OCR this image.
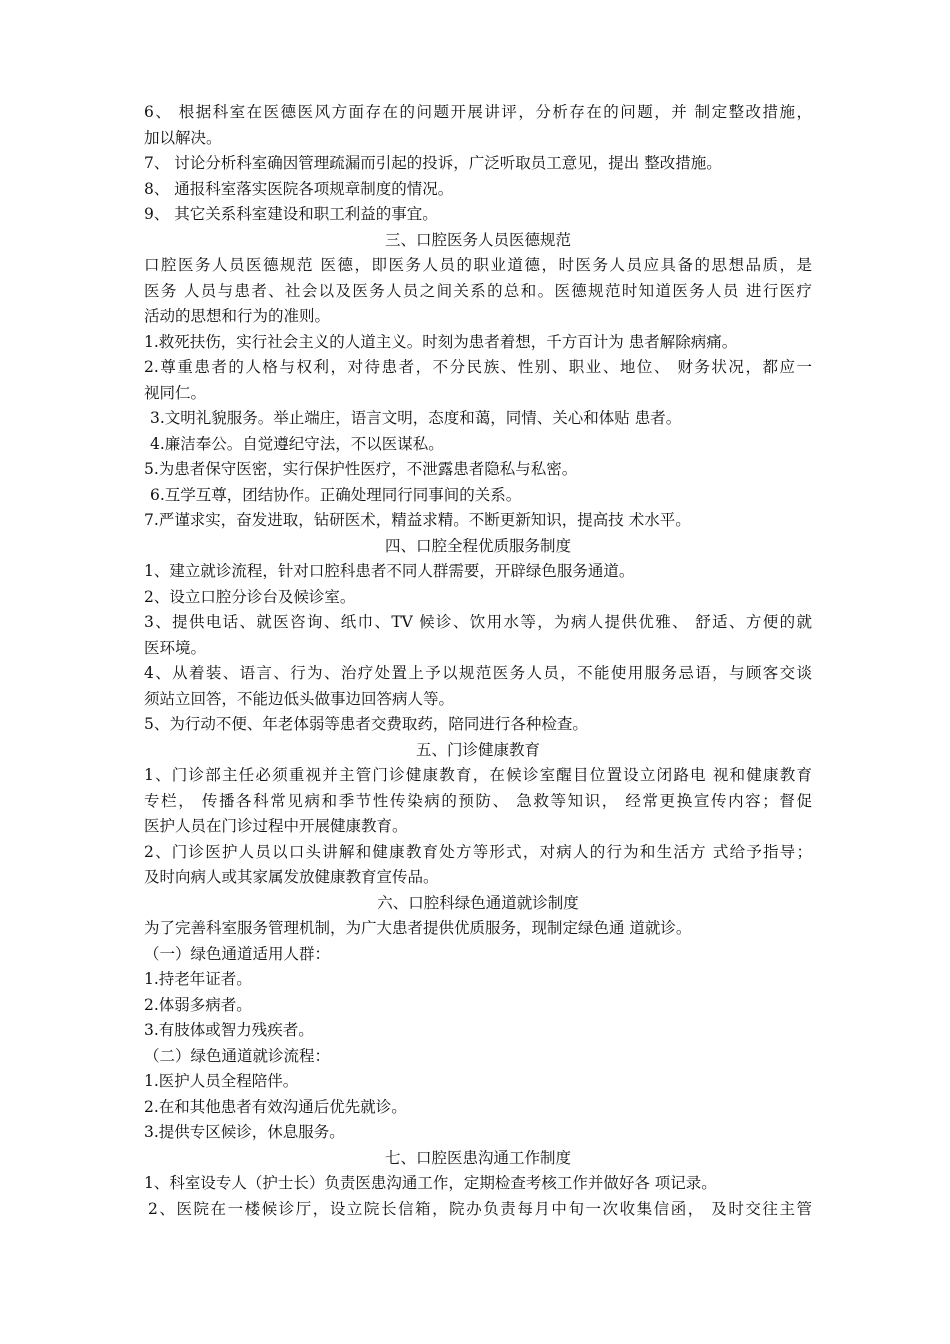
6、 根据科室在医德医风方面存在的问题开展讲评，分析存在的问题，并 制定整改措施，
加以解决。
7、 讨论分析科室确因管理疏漏而引起的投诉，广泛听取员工意见，提出 整改措施。
8、 通报科室落实医院各项规章制度的情况。
9、 其它关系科室建设和职工利益的事宜。
三、口腔医务人员医德规范
口腔医务人员医德规范 医德，即医务人员的职业道德，时医务人员应具备的思想品质，是
医务 人员与患者、社会以及医务人员之间关系的总和。医德规范时知道医务人员 进行医疗
活动的思想和行为的准则。
1.救死扶伤，实行社会主义的人道主义。时刻为患者着想，千方百计为 患者解除病痛。
2.尊重患者的人格与权利，对待患者，不分民族、性别、职业、地位、 财务状况，都应一
视同仁。
3.文明礼貌服务。举止端庄，语言文明，态度和蔼，同情、关心和体贴 患者。
4.廉洁奉公。自觉遵纪守法，不以医谋私。
5.为患者保守医密，实行保护性医疗，不泄露患者隐私与私密。
6.互学互尊，团结协作。正确处理同行同事间的关系。
7.严谨求实，奋发进取，钻研医术，精益求精。不断更新知识，提高技 术水平。
四、口腔全程优质服务制度
1、建立就诊流程，针对口腔科患者不同人群需要，开辟绿色服务通道。
2、设立口腔分诊台及候诊室。
3、提供电话、就医咨询、纸巾、TV 候诊、饮用水等，为病人提供优雅、 舒适、方便的就
医环境。
4、从着装、语言、行为、治疗处置上予以规范医务人员，不能使用服务忌语，与顾客交谈
须站立回答，不能边低头做事边回答病人等。
5、为行动不便、年老体弱等患者交费取药，陪同进行各种检查。
五、门诊健康教育
1、门诊部主任必须重视并主管门诊健康教育，在候诊室醒目位置设立闭路电 视和健康教育
专栏， 传播各科常见病和季节性传染病的预防、 急救等知识， 经常更换宣传内容；督促
医护人员在门诊过程中开展健康教育。
2、门诊医护人员以口头讲解和健康教育处方等形式，对病人的行为和生活方 式给予指导；
及时向病人或其家属发放健康教育宣传品。
六、口腔科绿色通道就诊制度
为了完善科室服务管理机制，为广大患者提供优质服务，现制定绿色通 道就诊。
（一）绿色通道适用人群：
1.持老年证者。
2.体弱多病者。
3.有肢体或智力残疾者。
（二）绿色通道就诊流程：
1.医护人员全程陪伴。
2.在和其他患者有效沟通后优先就诊。
3.提供专区候诊，休息服务。
七、口腔医患沟通工作制度
1、科室设专人（护士长）负责医患沟通工作，定期检查考核工作并做好各 项记录。
2、医院在一楼候诊厅，设立院长信箱，院办负责每月中旬一次收集信函， 及时交往主管
